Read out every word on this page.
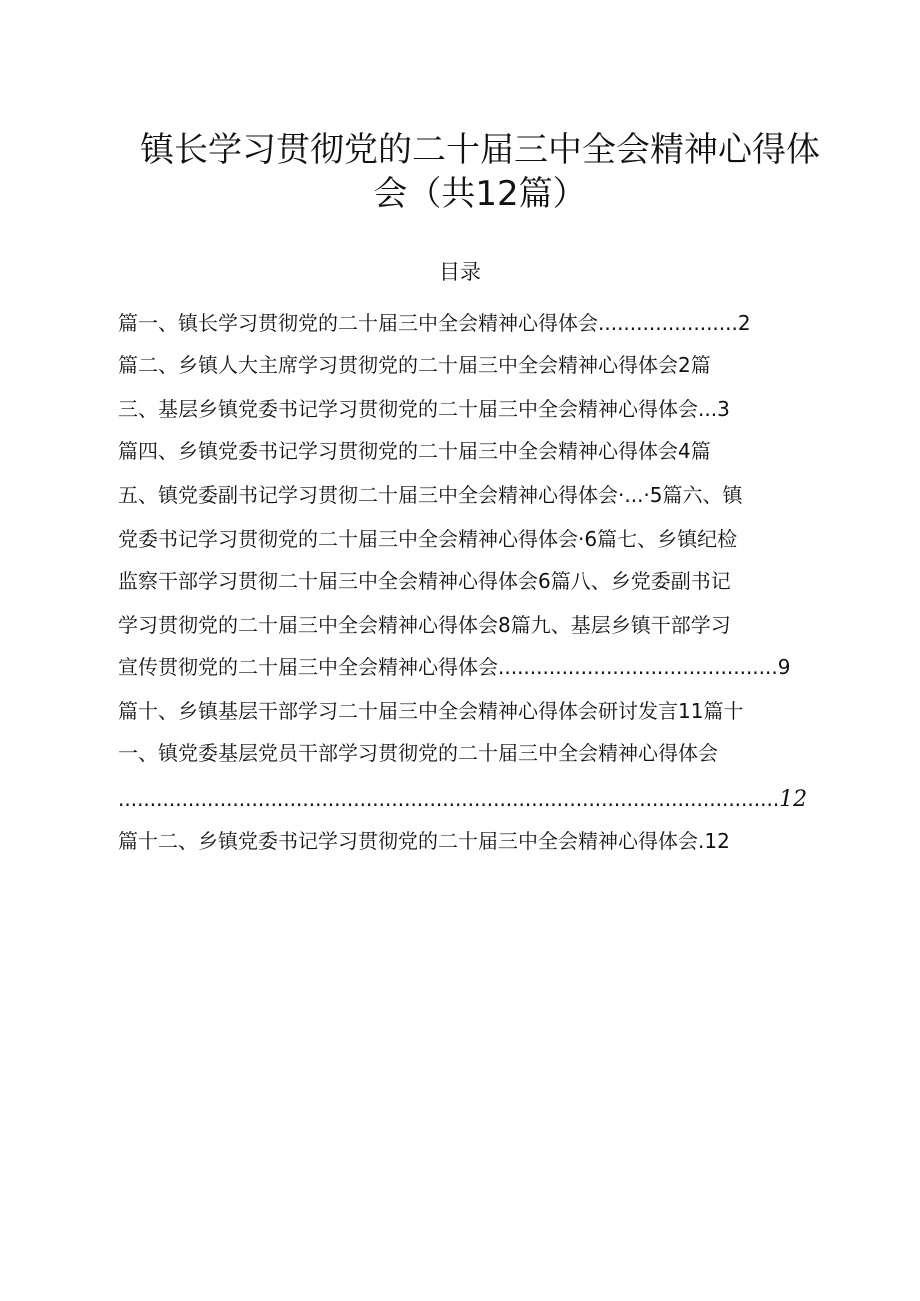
镇长学习贯彻党的二十届三中全会精神心得体
会（共12篇）
目录
篇一、镇长学习贯彻党的二十届三中全会精神心得体会......................2
篇二、乡镇人大主席学习贯彻党的二十届三中全会精神心得体会2篇
三、基层乡镇党委书记学习贯彻党的二十届三中全会精神心得体会...3
篇四、乡镇党委书记学习贯彻党的二十届三中全会精神心得体会4篇
五、镇党委副书记学习贯彻二十届三中全会精神心得体会·...·5篇六、镇
党委书记学习贯彻党的二十届三中全会精神心得体会·6篇七、乡镇纪检
监察干部学习贯彻二十届三中全会精神心得体会6篇八、乡党委副书记
学习贯彻党的二十届三中全会精神心得体会8篇九、基层乡镇干部学习
宣传贯彻党的二十届三中全会精神心得体会............................................9
篇十、乡镇基层干部学习二十届三中全会精神心得体会研讨发言11篇十
一、镇党委基层党员干部学习贯彻党的二十届三中全会精神心得体会
........................................................................................................12
篇十二、乡镇党委书记学习贯彻党的二十届三中全会精神心得体会.12
